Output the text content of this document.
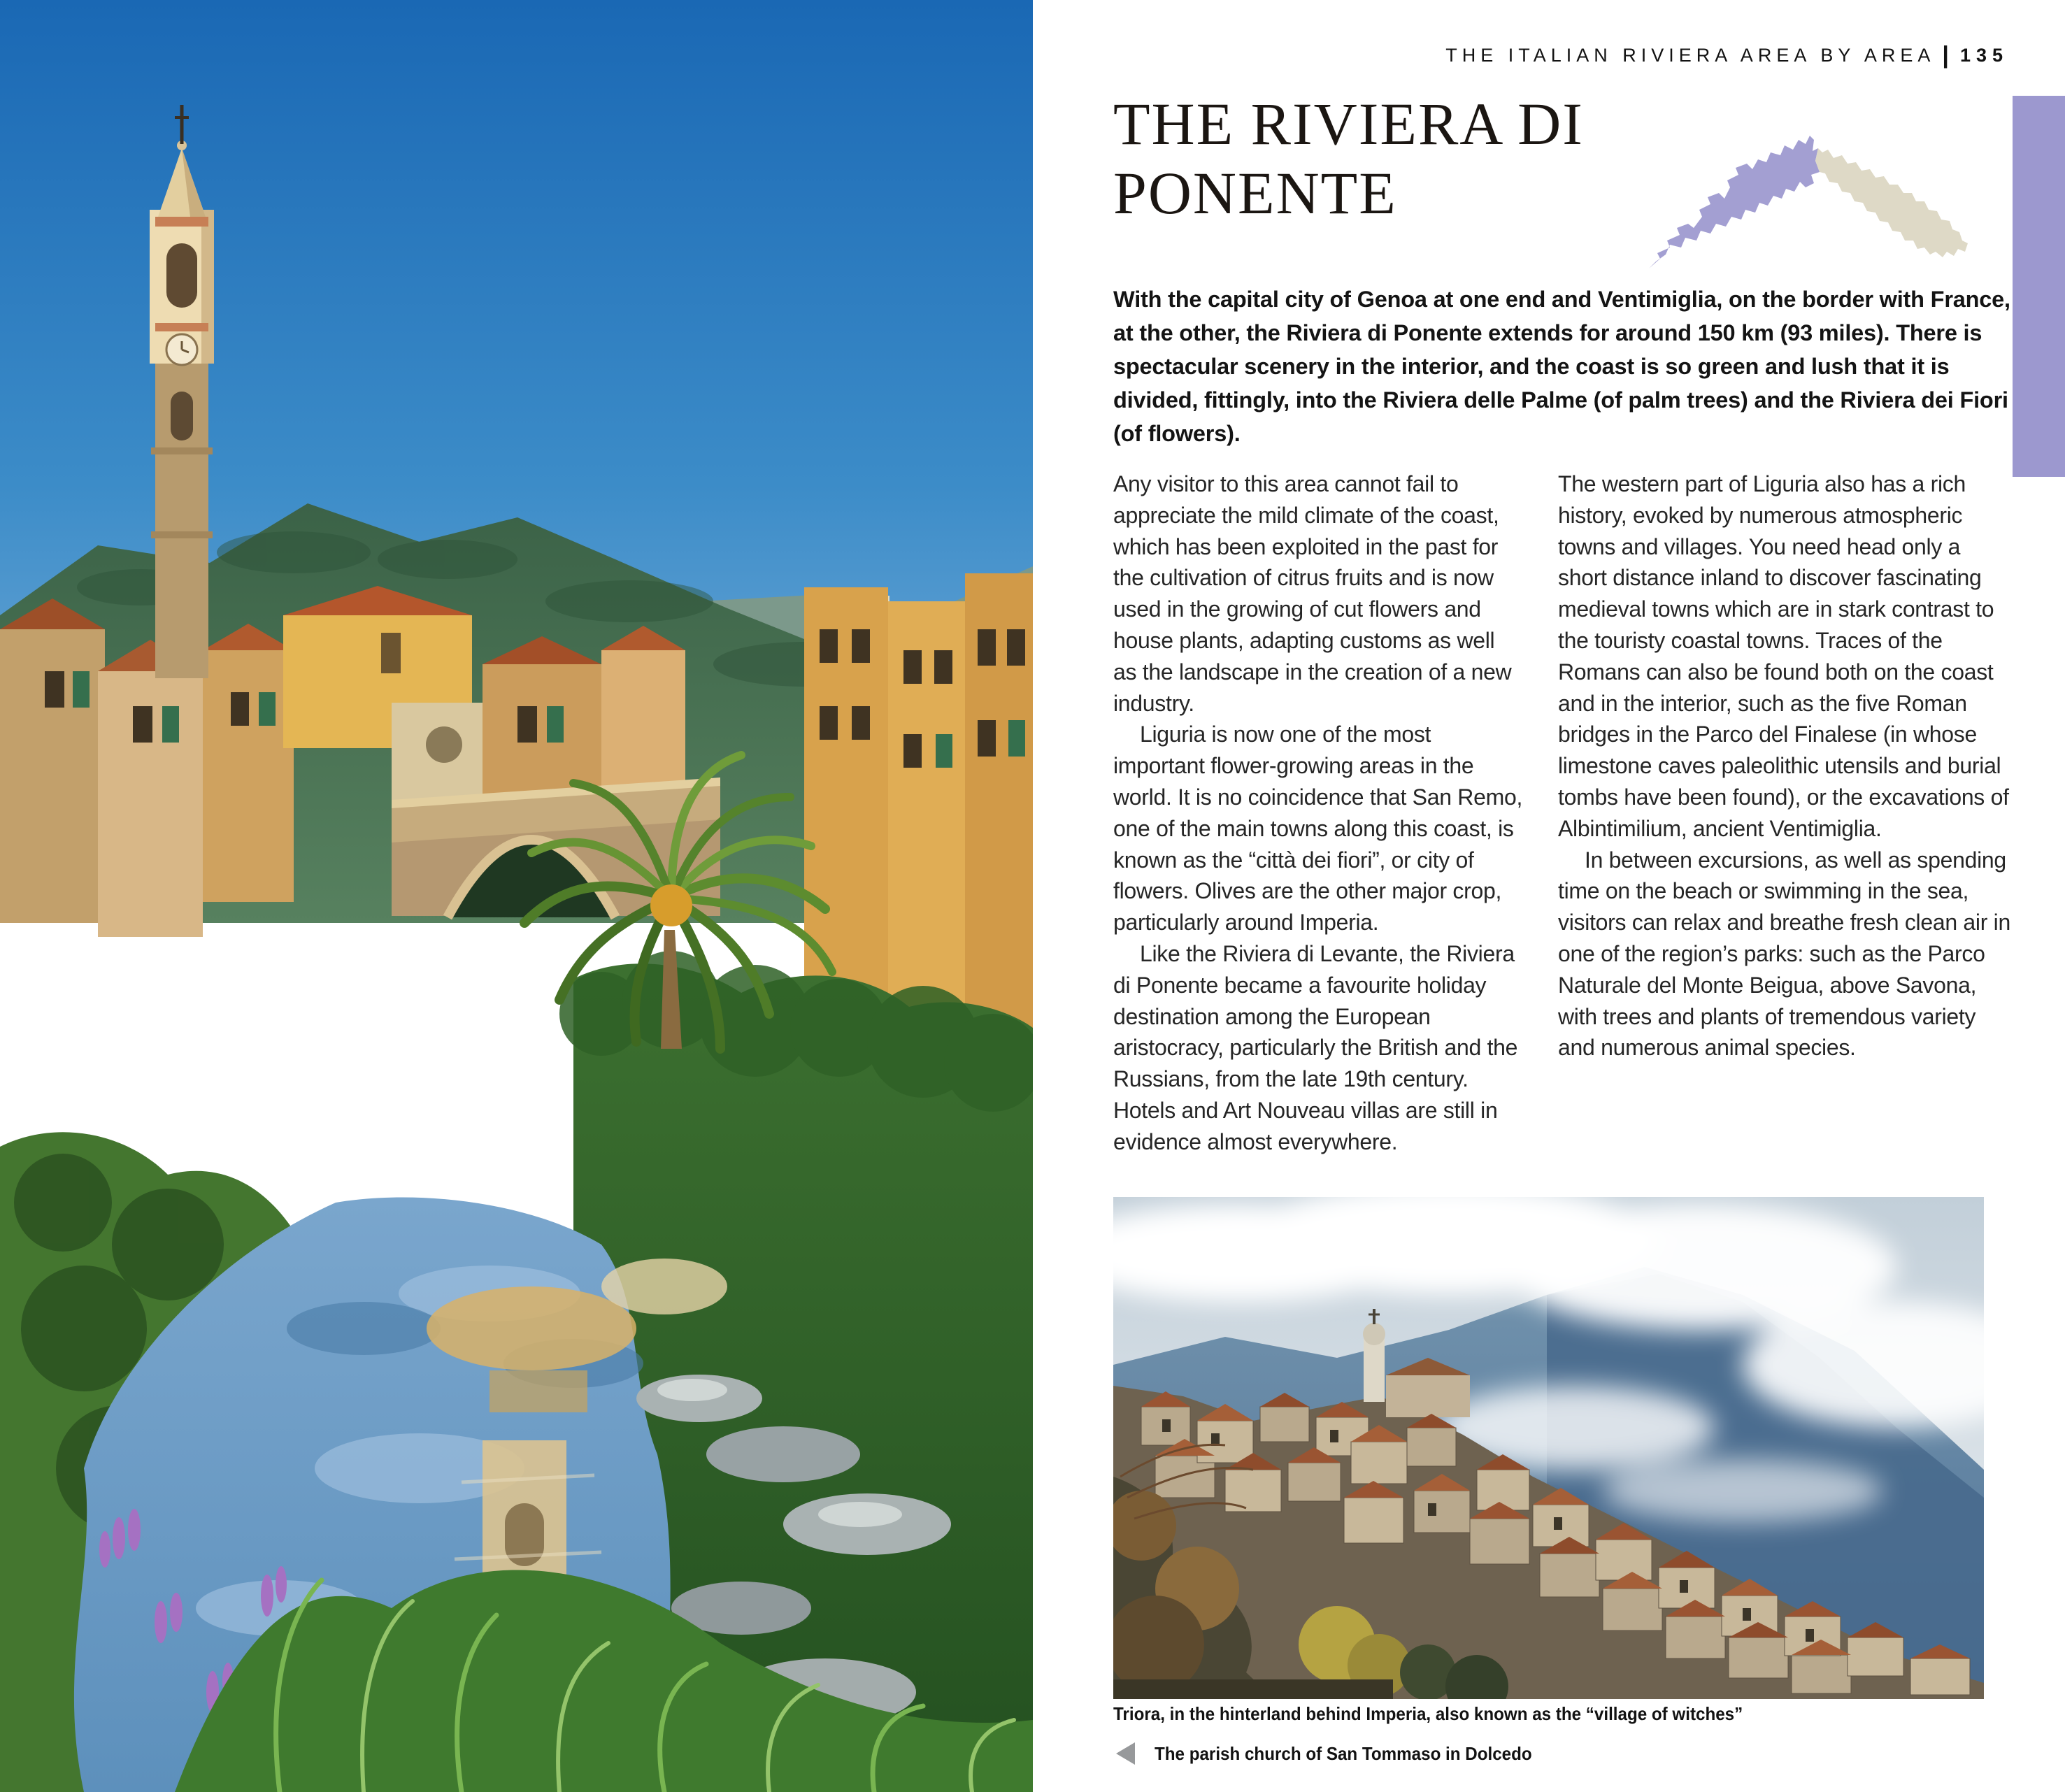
THE ITALIAN RIVIERA AREA BY AREA | 135
THE RIVIERA DI
PONENTE
With the capital city of Genoa at one end and Ventimiglia, on the border with France, at the other, the Riviera di Ponente extends for around 150 km (93 miles). There is spectacular scenery in the interior, and the coast is so green and lush that it is divided, fittingly, into the Riviera delle Palme (of palm trees) and the Riviera dei Fiori (of flowers).

Any visitor to this area cannot fail to appreciate the mild climate of the coast, which has been exploited in the past for the cultivation of citrus fruits and is now used in the growing of cut flowers and house plants, adapting customs as well as the landscape in the creation of a new industry.

Liguria is now one of the most important flower-growing areas in the world. It is no coincidence that San Remo, one of the main towns along this coast, is known as the “città dei fiori”, or city of flowers. Olives are the other major crop, particularly around Imperia.

Like the Riviera di Levante, the Riviera di Ponente became a favourite holiday destination among the European aristocracy, particularly the British and the Russians, from the late 19th century. Hotels and Art Nouveau villas are still in evidence almost everywhere.

The western part of Liguria also has a rich history, evoked by numerous atmospheric towns and villages. You need head only a short distance inland to discover fascinating medieval towns which are in stark contrast to the touristy coastal towns. Traces of the Romans can also be found both on the coast and in the interior, such as the five Roman bridges in the Parco del Finalese (in whose limestone caves paleolithic utensils and burial tombs have been found), or the excavations of Albintimilium, ancient Ventimiglia.

In between excursions, as well as spending time on the beach or swimming in the sea, visitors can relax and breathe fresh clean air in one of the region’s parks: such as the Parco Naturale del Monte Beigua, above Savona, with trees and plants of tremendous variety and numerous animal species.

Triora, in the hinterland behind Imperia, also known as the “village of witches”
The parish church of San Tommaso in Dolcedo
